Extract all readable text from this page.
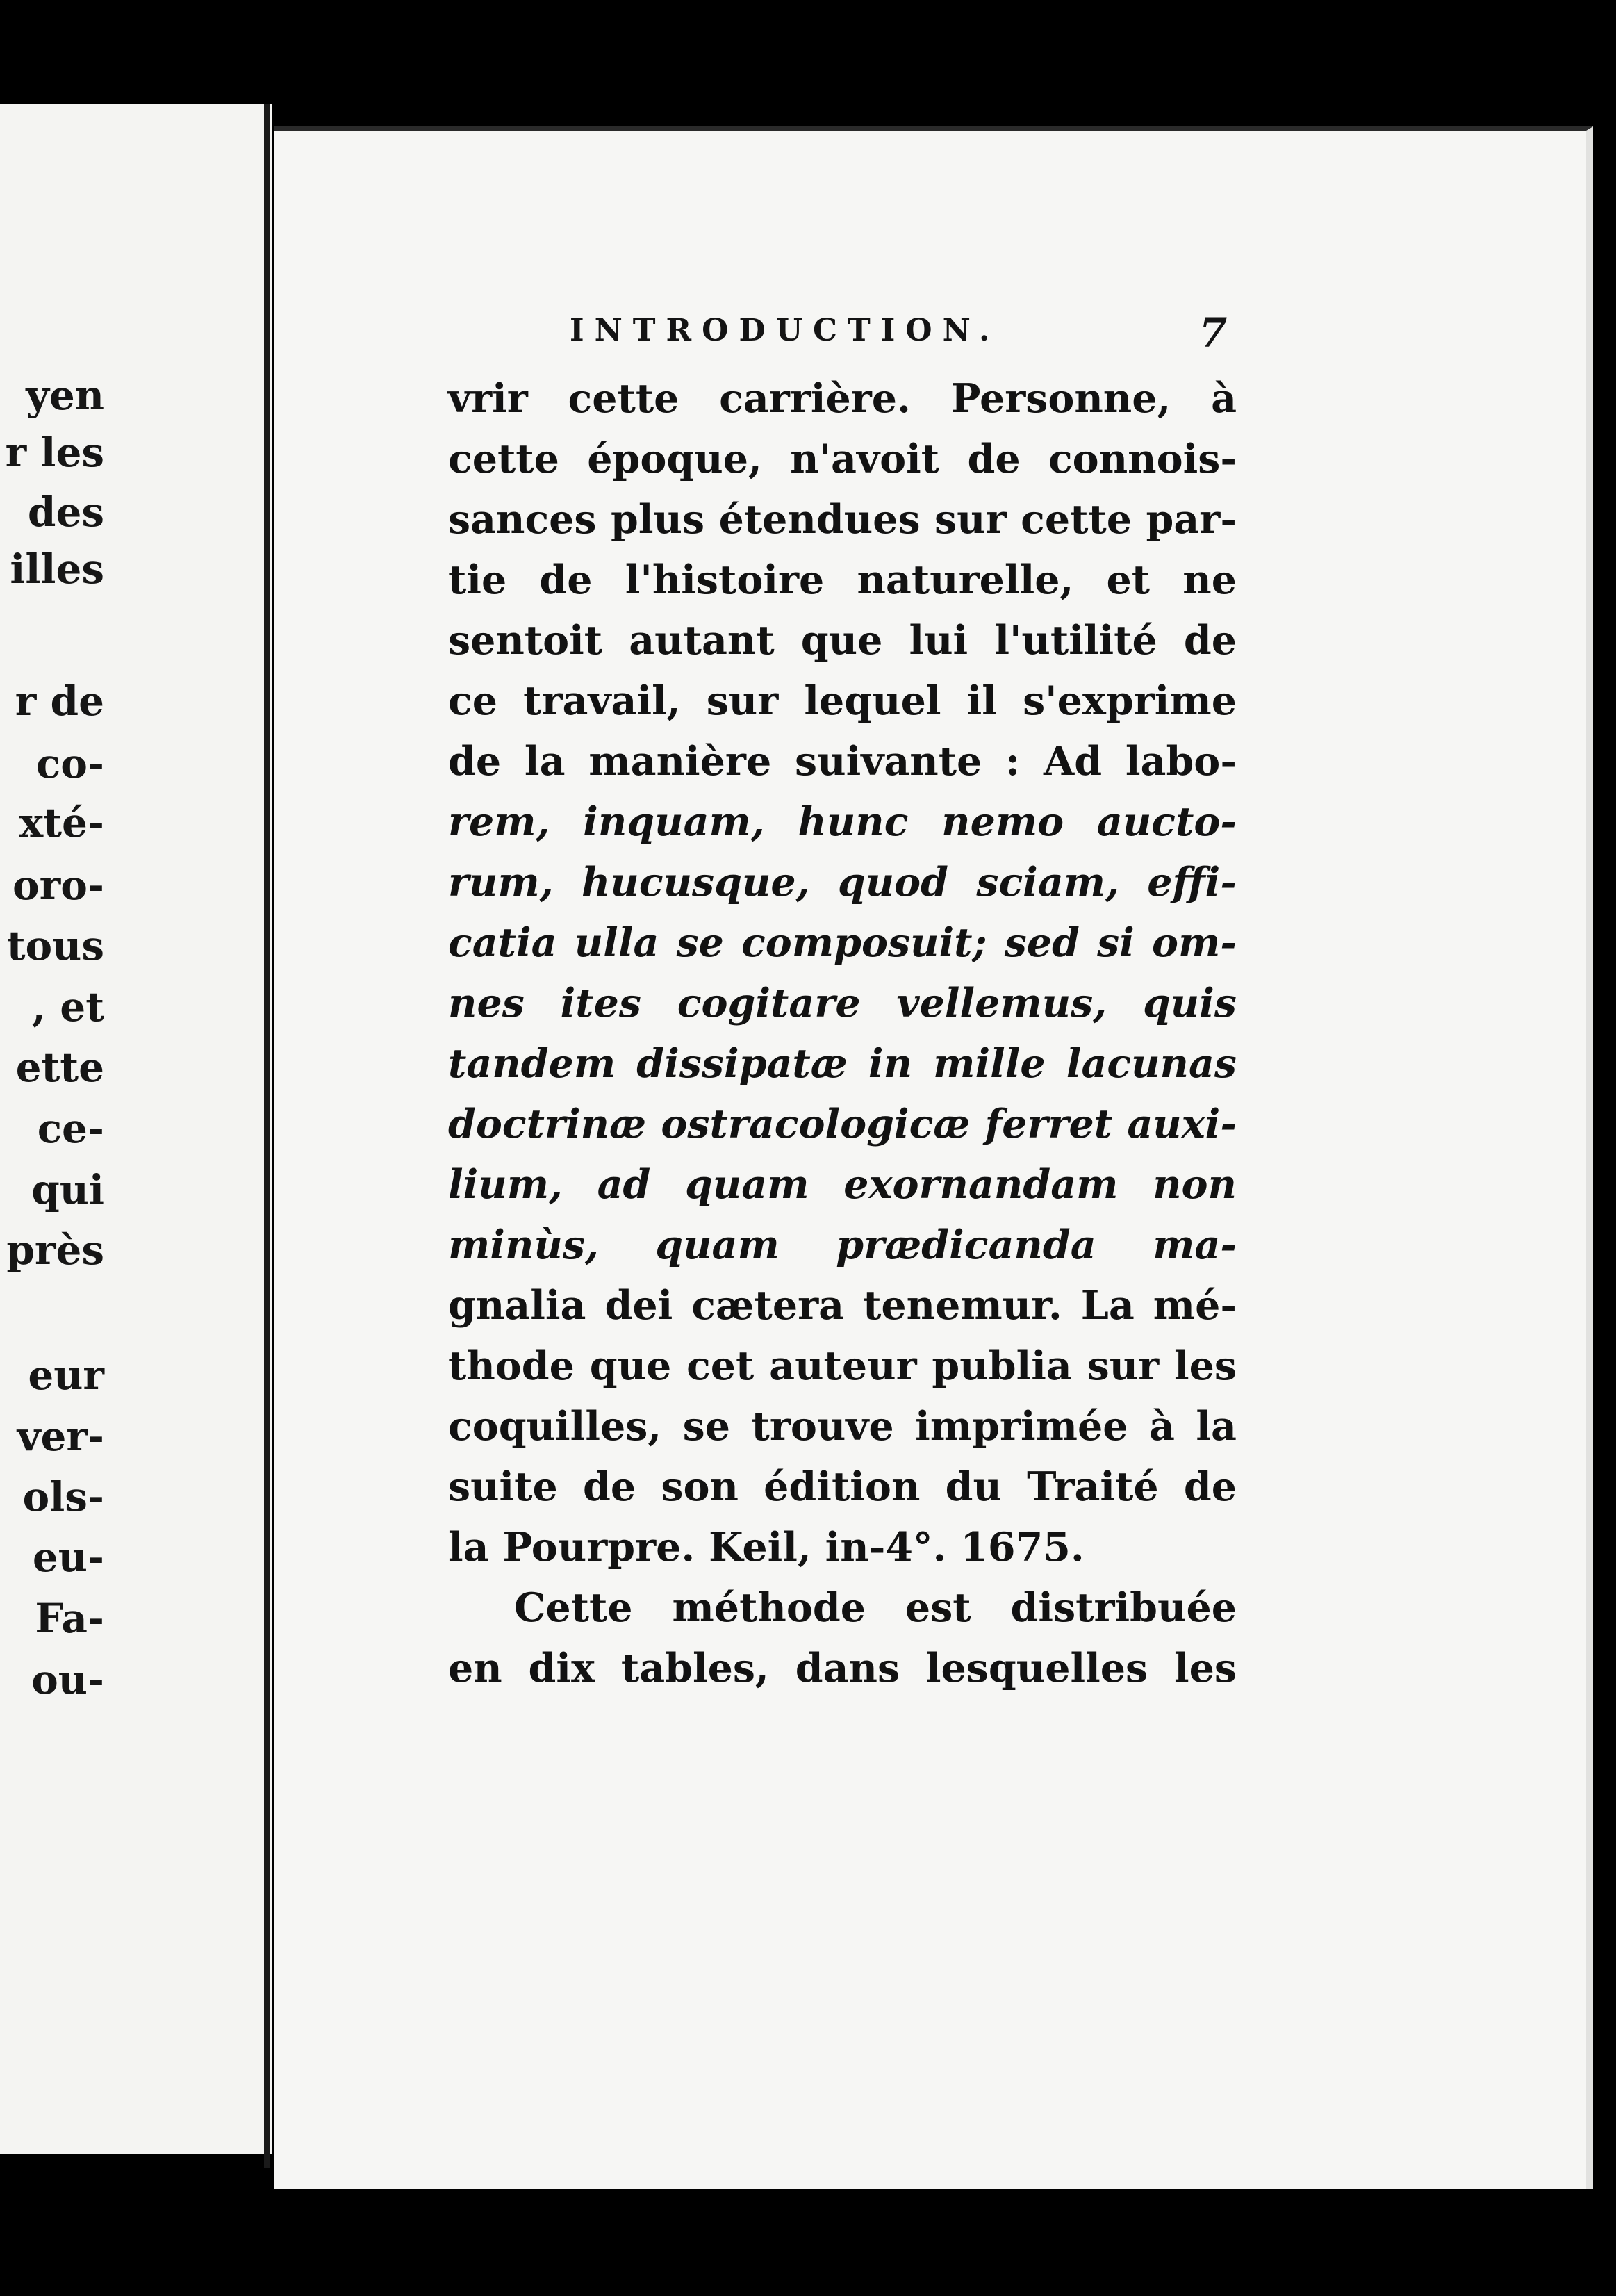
yen
r les
des
illes
r de
co-
xté-
oro-
tous
, et
ette
ce-
qui
près
eur
ver-
ols-
eu-
Fa-
ou-
INTRODUCTION.	7
vrir cette carrière. Personne, à
cette époque, n'avoit de connois-
sances plus étendues sur cette par-
tie de l'histoire naturelle, et ne
sentoit autant que lui l'utilité de
ce travail, sur lequel il s'exprime
de la manière suivante : Ad labo-
rem, inquam, hunc nemo aucto-
rum, hucusque, quod sciam, effi-
catia ulla se composuit; sed si om-
nes ites cogitare vellemus, quis
tandem dissipatæ in mille lacunas
doctrinæ ostracologicæ ferret auxi-
lium, ad quam exornandam non
minùs, quam prædicanda ma-
gnalia dei cætera tenemur. La mé-
thode que cet auteur publia sur les
coquilles, se trouve imprimée à la
suite de son édition du Traité de
la Pourpre. Keil, in-4°. 1675.
Cette méthode est distribuée
en dix tables, dans lesquelles les
